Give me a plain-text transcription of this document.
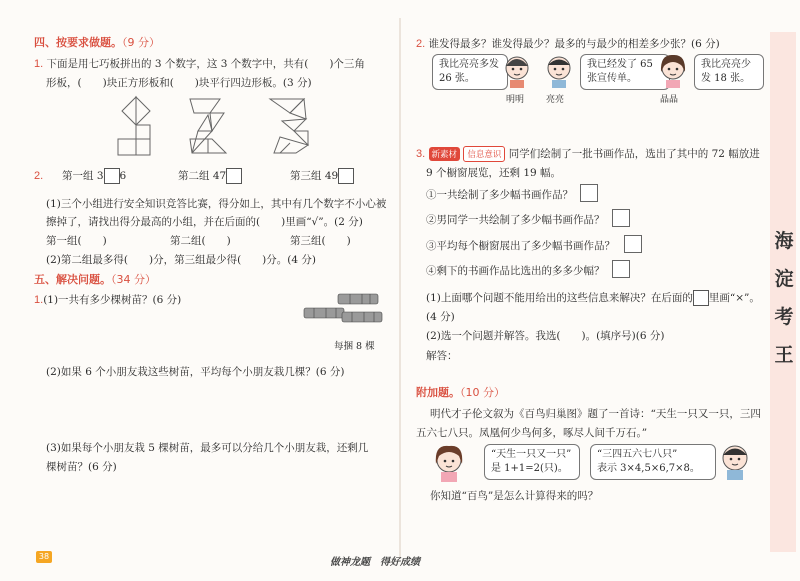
四、按要求做题。（9 分）
1. 下面是用七巧板拼出的 3 个数字，这 3 个数字中，共有(　　)个三角
形板，(　　)块正方形板和(　　)块平行四边形板。(3 分)
2. 第一组 3 6	第二组 47	第三组 49
(1)三个小组进行安全知识竞答比赛，得分如上，其中有几个数字不小心被
擦掉了，请找出得分最高的小组，并在后面的(　　)里画“√”。(2 分)
第一组(　　)	第二组(　　)	第三组(　　)
(2)第二组最多得(　　)分，第三组最少得(　　)分。(4 分)
五、解决问题。（34 分）
1.(1)一共有多少棵树苗？(6 分)
每捆 8 棵
(2)如果 6 个小朋友栽这些树苗，平均每个小朋友栽几棵？(6 分)
(3)如果每个小朋友栽 5 棵树苗，最多可以分给几个小朋友栽，还剩几
棵树苗？(6 分)
2. 谁发得最多？谁发得最少？最多的与最少的相差多少张？(6 分)
我比亮亮多发 26 张。
明明 亮亮
我已经发了 65 张宣传单。
我比亮亮少发 18 张。
晶晶
3. 新素材 信息意识 同学们绘制了一批书画作品，选出了其中的 72 幅放进
9 个橱窗展览，还剩 19 幅。
①一共绘制了多少幅书画作品？
②男同学一共绘制了多少幅书画作品？
③平均每个橱窗展出了多少幅书画作品？
④剩下的书画作品比选出的多多少幅？
(1)上面哪个问题不能用给出的这些信息来解决？在后面的 里画“×”。
(4 分)
(2)选一个问题并解答。我选(　　)。(填序号)(6 分)
解答：
附加题。（10 分）
明代才子伦文叙为《百鸟归巢图》题了一首诗：“天生一只又一只，三四
五六七八只。凤凰何少鸟何多，啄尽人间千万石。”
“天生一只又一只”
是 1+1=2(只)。
“三四五六七八只”
表示 3×4,5×6,7×8。
你知道“百鸟”是怎么计算得来的吗？
海
淀
考
王
38
做神龙题　得好成绩
